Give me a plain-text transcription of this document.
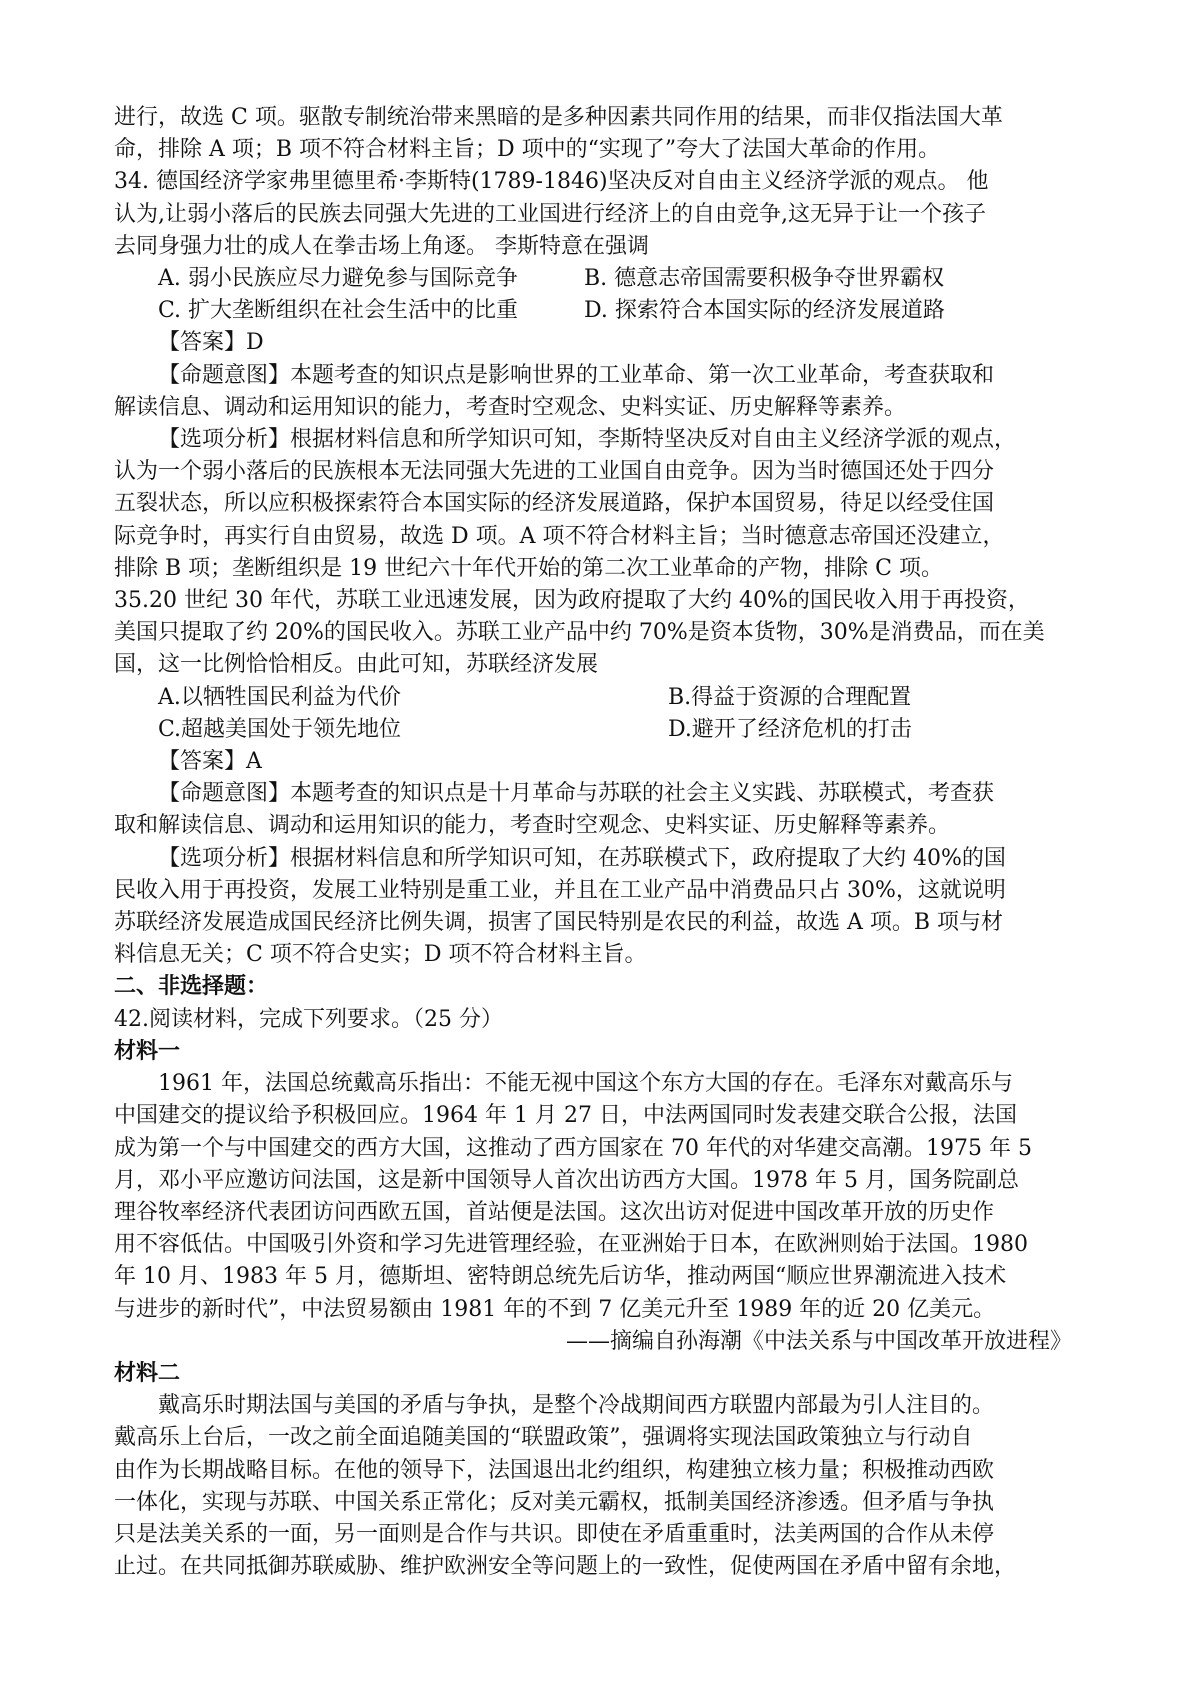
进行，故选 C 项。驱散专制统治带来黑暗的是多种因素共同作用的结果，而非仅指法国大革

命，排除 A 项；B 项不符合材料主旨；D 项中的“实现了”夸大了法国大革命的作用。

34. 德国经济学家弗里德里希·李斯特(1789-1846)坚决反对自由主义经济学派的观点。 他

认为,让弱小落后的民族去同强大先进的工业国进行经济上的自由竞争,这无异于让一个孩子

去同身强力壮的成人在拳击场上角逐。 李斯特意在强调

A. 弱小民族应尽力避免参与国际竞争	B. 德意志帝国需要积极争夺世界霸权
C. 扩大垄断组织在社会生活中的比重	D. 探索符合本国实际的经济发展道路

【答案】D

【命题意图】本题考查的知识点是影响世界的工业革命、第一次工业革命，考查获取和

解读信息、调动和运用知识的能力，考查时空观念、史料实证、历史解释等素养。

【选项分析】根据材料信息和所学知识可知，李斯特坚决反对自由主义经济学派的观点，

认为一个弱小落后的民族根本无法同强大先进的工业国自由竞争。因为当时德国还处于四分

五裂状态，所以应积极探索符合本国实际的经济发展道路，保护本国贸易，待足以经受住国

际竞争时，再实行自由贸易，故选 D 项。A 项不符合材料主旨；当时德意志帝国还没建立，

排除 B 项；垄断组织是 19 世纪六十年代开始的第二次工业革命的产物，排除 C 项。

35.20 世纪 30 年代，苏联工业迅速发展，因为政府提取了大约 40%的国民收入用于再投资，

美国只提取了约 20%的国民收入。苏联工业产品中约 70%是资本货物，30%是消费品，而在美

国，这一比例恰恰相反。由此可知，苏联经济发展

A.以牺牲国民利益为代价	B.得益于资源的合理配置
C.超越美国处于领先地位	D.避开了经济危机的打击

【答案】A

【命题意图】本题考查的知识点是十月革命与苏联的社会主义实践、苏联模式，考查获

取和解读信息、调动和运用知识的能力，考查时空观念、史料实证、历史解释等素养。

【选项分析】根据材料信息和所学知识可知，在苏联模式下，政府提取了大约 40%的国

民收入用于再投资，发展工业特别是重工业，并且在工业产品中消费品只占 30%，这就说明

苏联经济发展造成国民经济比例失调，损害了国民特别是农民的利益，故选 A 项。B 项与材

料信息无关；C 项不符合史实；D 项不符合材料主旨。

二、非选择题：

42.阅读材料，完成下列要求。（25 分）

材料一

1961 年，法国总统戴高乐指出：不能无视中国这个东方大国的存在。毛泽东对戴高乐与

中国建交的提议给予积极回应。1964 年 1 月 27 日，中法两国同时发表建交联合公报，法国

成为第一个与中国建交的西方大国，这推动了西方国家在 70 年代的对华建交高潮。1975 年 5

月，邓小平应邀访问法国，这是新中国领导人首次出访西方大国。1978 年 5 月，国务院副总

理谷牧率经济代表团访问西欧五国，首站便是法国。这次出访对促进中国改革开放的历史作

用不容低估。中国吸引外资和学习先进管理经验，在亚洲始于日本，在欧洲则始于法国。1980

年 10 月、1983 年 5 月，德斯坦、密特朗总统先后访华，推动两国“顺应世界潮流进入技术

与进步的新时代”，中法贸易额由 1981 年的不到 7 亿美元升至 1989 年的近 20 亿美元。

——摘编自孙海潮《中法关系与中国改革开放进程》

材料二

戴高乐时期法国与美国的矛盾与争执，是整个冷战期间西方联盟内部最为引人注目的。

戴高乐上台后，一改之前全面追随美国的“联盟政策”，强调将实现法国政策独立与行动自

由作为长期战略目标。在他的领导下，法国退出北约组织，构建独立核力量；积极推动西欧

一体化，实现与苏联、中国关系正常化；反对美元霸权，抵制美国经济渗透。但矛盾与争执

只是法美关系的一面，另一面则是合作与共识。即使在矛盾重重时，法美两国的合作从未停

止过。在共同抵御苏联威胁、维护欧洲安全等问题上的一致性，促使两国在矛盾中留有余地，
